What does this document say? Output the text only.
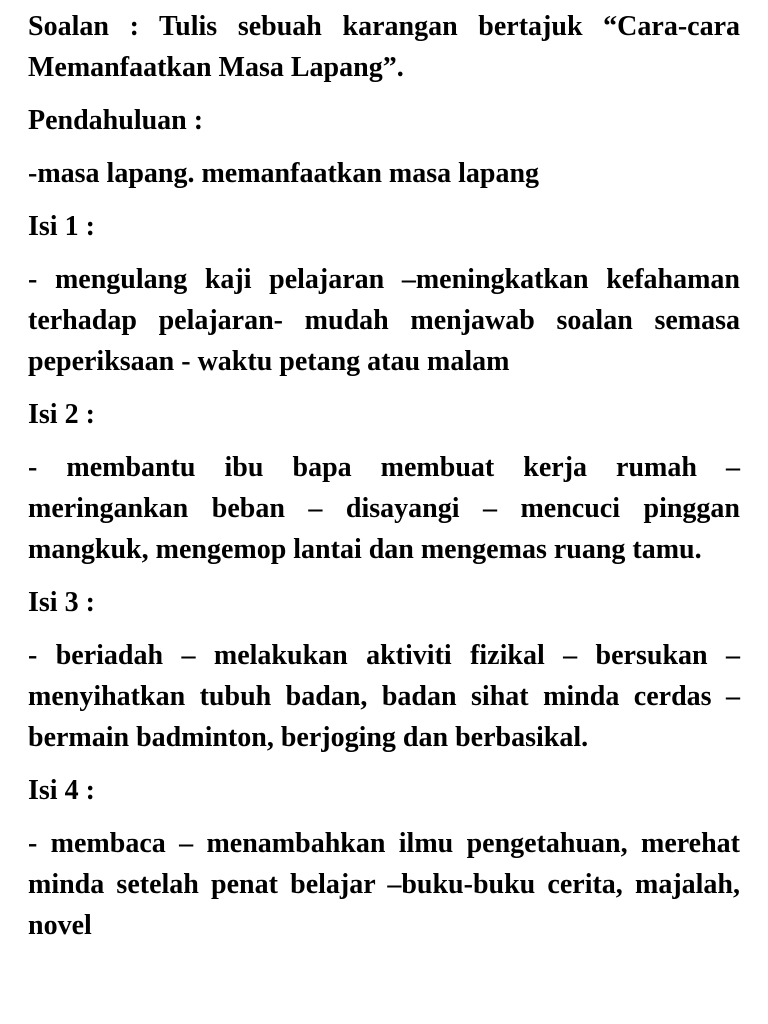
Soalan : Tulis sebuah karangan bertajuk “Cara-cara Memanfaatkan Masa Lapang”.

Pendahuluan :

-masa lapang. memanfaatkan masa lapang

Isi 1 :

- mengulang kaji pelajaran –meningkatkan kefahaman terhadap pelajaran- mudah menjawab soalan semasa peperiksaan - waktu petang atau malam

Isi 2 :

- membantu ibu bapa membuat kerja rumah – meringankan beban – disayangi – mencuci pinggan mangkuk, mengemop lantai dan mengemas ruang tamu.

Isi 3 :

- beriadah – melakukan aktiviti fizikal – bersukan – menyihatkan tubuh badan, badan sihat minda cerdas – bermain badminton, berjoging dan berbasikal.

Isi 4 :

- membaca – menambahkan ilmu pengetahuan, merehat minda setelah penat belajar –buku-buku cerita, majalah, novel
